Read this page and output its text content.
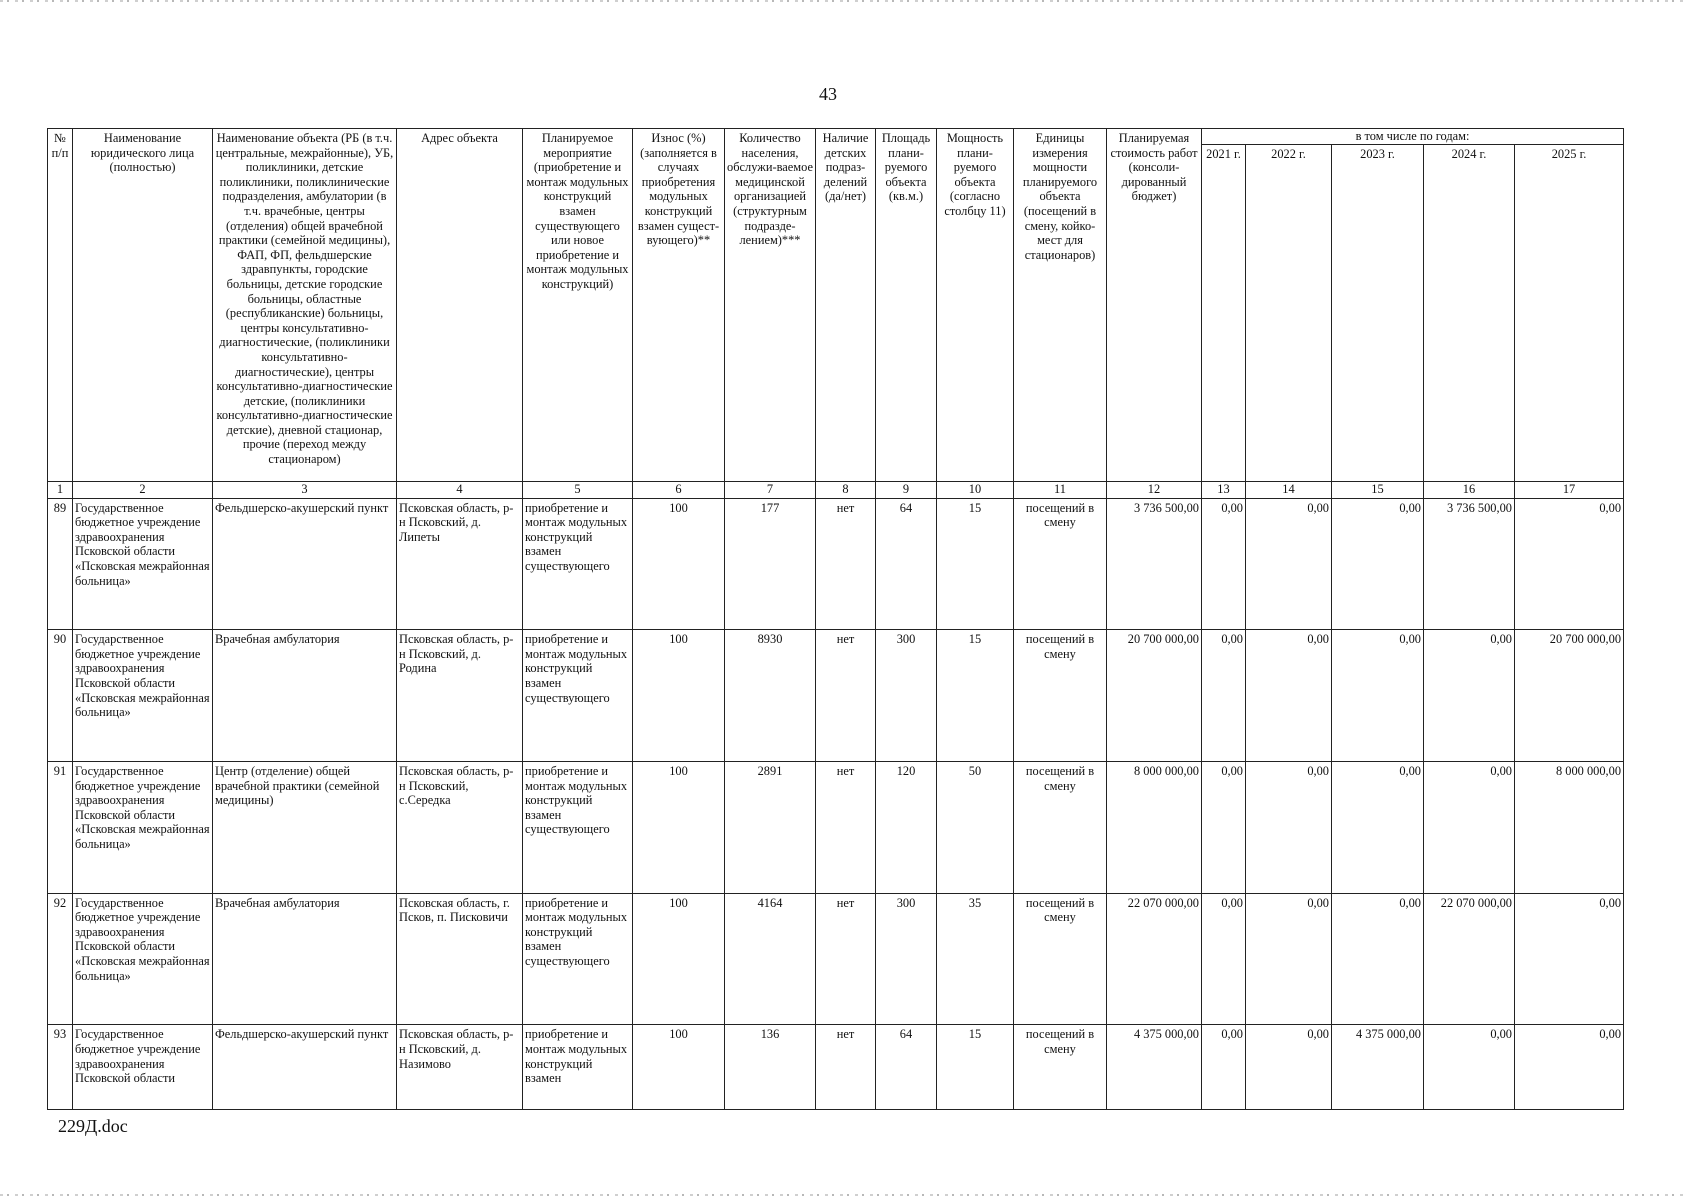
43
№ п/п	Наименование юридического лица (полностью)	Наименование объекта (РБ (в т.ч. центральные, межрайонные), УБ, поликлиники, детские поликлиники, поликлинические подразделения, амбулатории (в т.ч. врачебные, центры (отделения) общей врачебной практики (семейной медицины), ФАП, ФП, фельдшерские здравпункты, городские больницы, детские городские больницы, областные (республиканские) больницы, центры консультативно-диагностические, (поликлиники консультативно-диагностические), центры консультативно-диагностические детские, (поликлиники консультативно-диагностические детские), дневной стационар, прочие (переход между стационаром)	Адрес объекта	Планируемое мероприятие (приобретение и монтаж модульных конструкций взамен существующего или новое приобретение и монтаж модульных конструкций)	Износ (%) (заполняется в случаях приобретения модульных конструкций взамен сущест-вующего)**	Количество населения, обслужи-ваемое медицинской организацией (структурным подразде-лением)***	Наличие детских подраз-делений (да/нет)	Площадь плани-руемого объекта (кв.м.)	Мощность плани-руемого объекта (согласно столбцу 11)	Единицы измерения мощности планируемого объекта (посещений в смену, койко-мест для стационаров)	Планируемая стоимость работ (консоли-дированный бюджет)	в том числе по годам:				
												2021 г.	2022 г.	2023 г.	2024 г.	2025 г.
1	2	3	4	5	6	7	8	9	10	11	12	13	14	15	16	17
89	Государственное бюджетное учреждение здравоохранения Псковской области «Псковская межрайонная больница»	Фельдшерско-акушерский пункт	Псковская область, р-н Псковский, д. Липеты	приобретение и монтаж модульных конструкций взамен существующего	100	177	нет	64	15	посещений в смену	3 736 500,00	0,00	0,00	0,00	3 736 500,00	0,00
90	Государственное бюджетное учреждение здравоохранения Псковской области «Псковская межрайонная больница»	Врачебная амбулатория	Псковская область, р-н Псковский, д. Родина	приобретение и монтаж модульных конструкций взамен существующего	100	8930	нет	300	15	посещений в смену	20 700 000,00	0,00	0,00	0,00	0,00	20 700 000,00
91	Государственное бюджетное учреждение здравоохранения Псковской области «Псковская межрайонная больница»	Центр (отделение) общей врачебной практики (семейной медицины)	Псковская область, р-н Псковский, с.Середка	приобретение и монтаж модульных конструкций взамен существующего	100	2891	нет	120	50	посещений в смену	8 000 000,00	0,00	0,00	0,00	0,00	8 000 000,00
92	Государственное бюджетное учреждение здравоохранения Псковской области «Псковская межрайонная больница»	Врачебная амбулатория	Псковская область, г. Псков, п. Писковичи	приобретение и монтаж модульных конструкций взамен существующего	100	4164	нет	300	35	посещений в смену	22 070 000,00	0,00	0,00	0,00	22 070 000,00	0,00
93	Государственное бюджетное учреждение здравоохранения Псковской области	Фельдшерско-акушерский пункт	Псковская область, р-н Псковский, д. Назимово	приобретение и монтаж модульных конструкций взамен	100	136	нет	64	15	посещений в смену	4 375 000,00	0,00	0,00	4 375 000,00	0,00	0,00
229Д.doc
